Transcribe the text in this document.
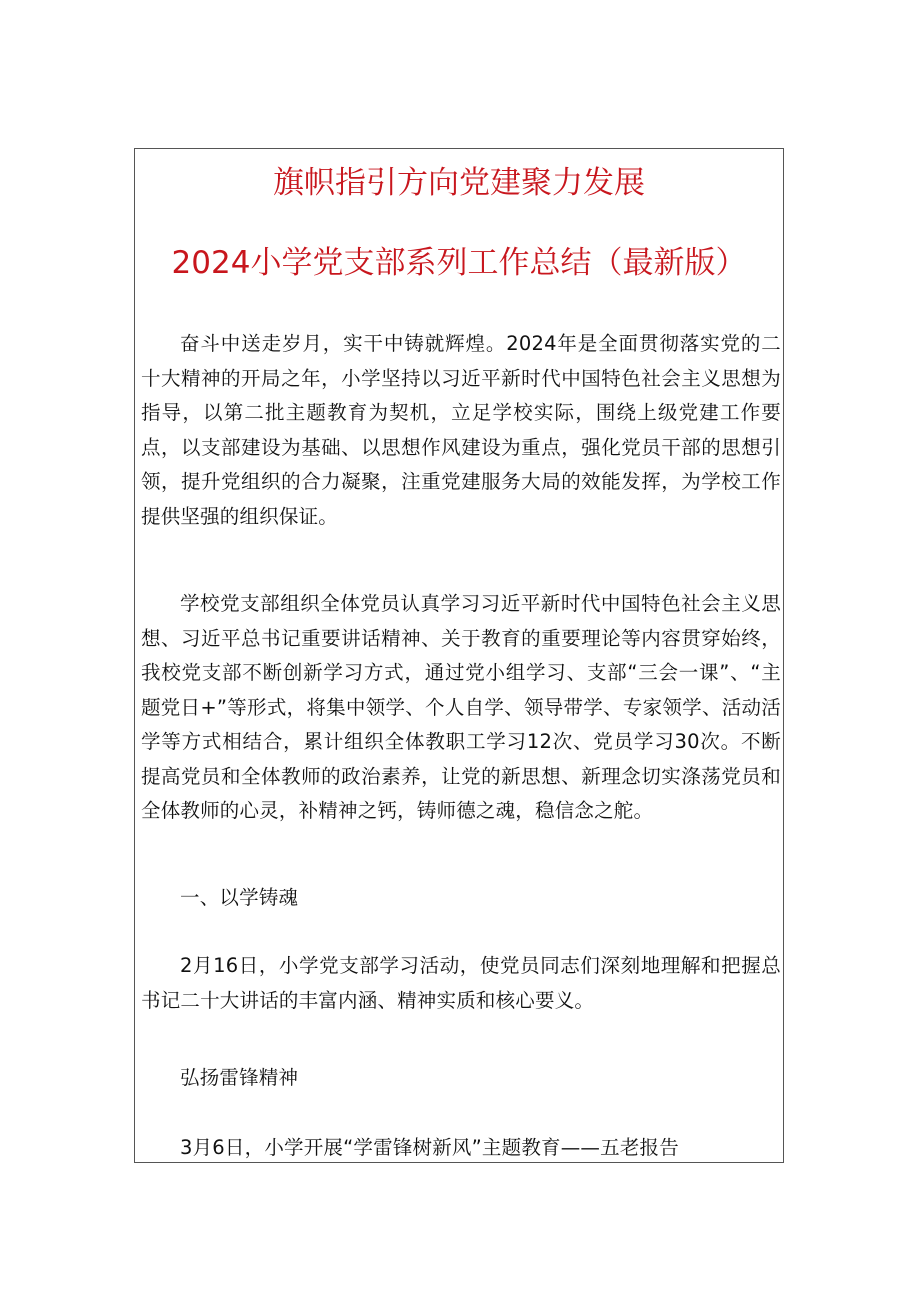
旗帜指引方向党建聚力发展
2024小学党支部系列工作总结（最新版）

奋斗中送走岁月，实干中铸就辉煌。2024年是全面贯彻落实党的二十大精神的开局之年，小学坚持以习近平新时代中国特色社会主义思想为指导，以第二批主题教育为契机，立足学校实际，围绕上级党建工作要点，以支部建设为基础、以思想作风建设为重点，强化党员干部的思想引领，提升党组织的合力凝聚，注重党建服务大局的效能发挥，为学校工作提供坚强的组织保证。

学校党支部组织全体党员认真学习习近平新时代中国特色社会主义思想、习近平总书记重要讲话精神、关于教育的重要理论等内容贯穿始终，我校党支部不断创新学习方式，通过党小组学习、支部“三会一课”、“主题党日+”等形式，将集中领学、个人自学、领导带学、专家领学、活动活学等方式相结合，累计组织全体教职工学习12次、党员学习30次。不断提高党员和全体教师的政治素养，让党的新思想、新理念切实涤荡党员和全体教师的心灵，补精神之钙，铸师德之魂，稳信念之舵。

一、以学铸魂

2月16日，小学党支部学习活动，使党员同志们深刻地理解和把握总书记二十大讲话的丰富内涵、精神实质和核心要义。

弘扬雷锋精神

3月6日，小学开展“学雷锋树新风”主题教育——五老报告
